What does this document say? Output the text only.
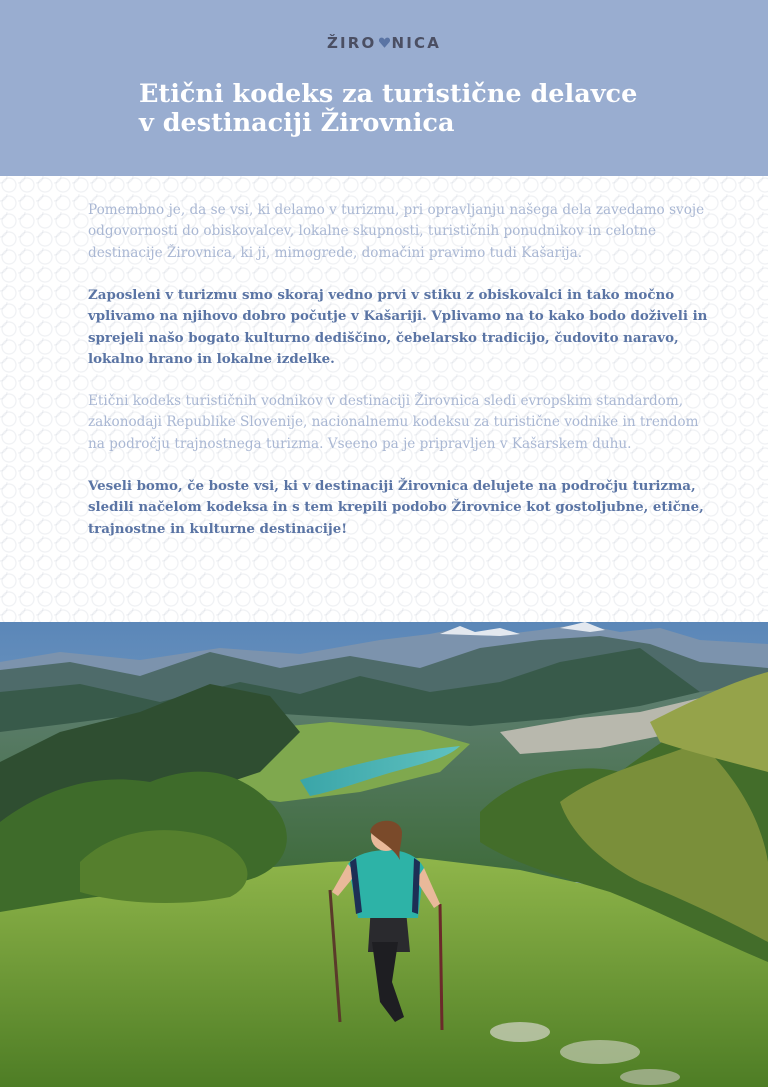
ŽIRO NICA
Etični kodeks za turistične delavce
v destinaciji Žirovnica
Pomembno je, da se vsi, ki delamo v turizmu, pri opravljanju našega dela zavedamo svoje odgovornosti do obiskovalcev, lokalne skupnosti, turističnih ponudnikov in celotne destinacije Žirovnica, ki ji, mimogrede, domačini pravimo tudi Kašarija.
Zaposleni v turizmu smo skoraj vedno prvi v stiku z obiskovalci in tako močno vplivamo na njihovo dobro počutje v Kašariji. Vplivamo na to kako bodo doživeli in sprejeli našo bogato kulturno dediščino, čebelarsko tradicijo, čudovito naravo, lokalno hrano in lokalne izdelke.
Etični kodeks turističnih vodnikov v destinaciji Žirovnica sledi evropskim standardom, zakonodaji Republike Slovenije, nacionalnemu kodeksu za turistične vodnike in trendom na področju trajnostnega turizma. Vseeno pa je pripravljen v Kašarskem duhu.
Veseli bomo, če boste vsi, ki v destinaciji Žirovnica delujete na področju turizma, sledili načelom kodeksa in s tem krepili podobo Žirovnice kot gostoljubne, etične, trajnostne in kulturne destinacije!
